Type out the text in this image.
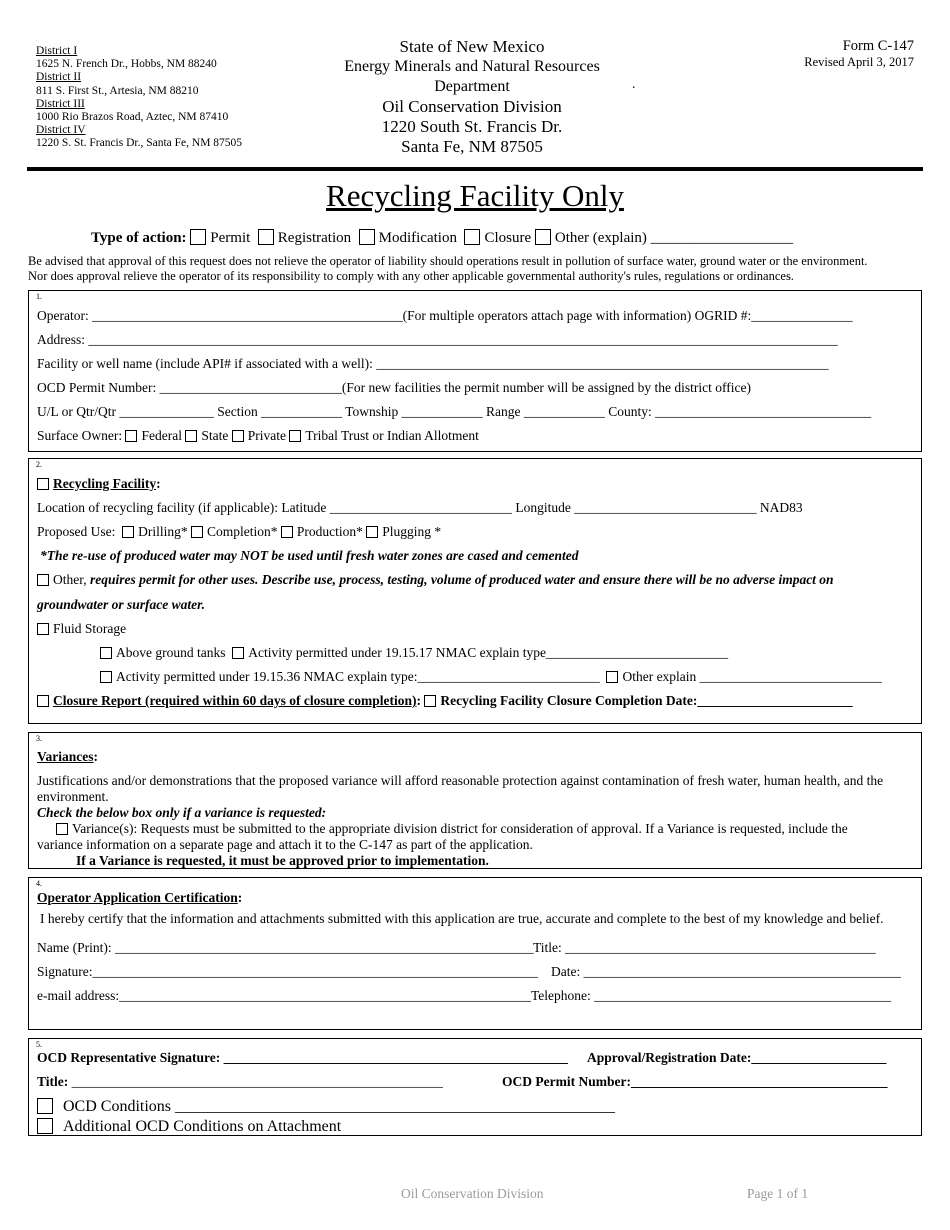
District I
1625 N. French Dr., Hobbs, NM 88240
District II
811 S. First St., Artesia, NM 88210
District III
1000 Rio Brazos Road, Aztec, NM 87410
District IV
1220 S. St. Francis Dr., Santa Fe, NM 87505
State of New Mexico
Energy Minerals and Natural Resources
Department
Oil Conservation Division
1220 South St. Francis Dr.
Santa Fe, NM 87505
.
Form C-147
Revised April 3, 2017
Recycling Facility Only
Type of action: Permit Registration Modification Closure Other (explain) ___________________
Be advised that approval of this request does not relieve the operator of liability should operations result in pollution of surface water, ground water or the environment.
Nor does approval relieve the operator of its responsibility to comply with any other applicable governmental authority's rules, regulations or ordinances.
1.
Operator: ______________________________________________(For multiple operators attach page with information) OGRID #:_______________
Address: _______________________________________________________________________________________________________________
Facility or well name (include API# if associated with a well): ___________________________________________________________________
OCD Permit Number: ___________________________(For new facilities the permit number will be assigned by the district office)
U/L or Qtr/Qtr ______________ Section ____________ Township ____________ Range ____________ County: ________________________________
Surface Owner: Federal State Private Tribal Trust or Indian Allotment
2.
Recycling Facility:
Location of recycling facility (if applicable): Latitude ___________________________ Longitude ___________________________ NAD83
Proposed Use: Drilling* Completion* Production* Plugging *
*The re-use of produced water may NOT be used until fresh water zones are cased and cemented
Other, requires permit for other uses. Describe use, process, testing, volume of produced water and ensure there will be no adverse impact on
groundwater or surface water.
Fluid Storage
Above ground tanks Activity permitted under 19.15.17 NMAC explain type___________________________
Activity permitted under 19.15.36 NMAC explain type:___________________________ Other explain ___________________________
Closure Report (required within 60 days of closure completion): Recycling Facility Closure Completion Date:_______________________
3.
Variances:
Justifications and/or demonstrations that the proposed variance will afford reasonable protection against contamination of fresh water, human health, and the
environment.
Check the below box only if a variance is requested:
Variance(s): Requests must be submitted to the appropriate division district for consideration of approval. If a Variance is requested, include the
variance information on a separate page and attach it to the C-147 as part of the application.
If a Variance is requested, it must be approved prior to implementation.
4.
Operator Application Certification:
I hereby certify that the information and attachments submitted with this application are true, accurate and complete to the best of my knowledge and belief.
Name (Print): ______________________________________________________________ Title: ______________________________________________
Signature:__________________________________________________________________ Date: _______________________________________________
e-mail address:_____________________________________________________________ Telephone: ____________________________________________
5.
OCD Representative Signature: ___________________________________________________ Approval/Registration Date:____________________
Title: _______________________________________________________	OCD Permit Number:______________________________________
OCD Conditions _______________________________________________________
Additional OCD Conditions on Attachment
Oil Conservation Division	Page 1 of 1
